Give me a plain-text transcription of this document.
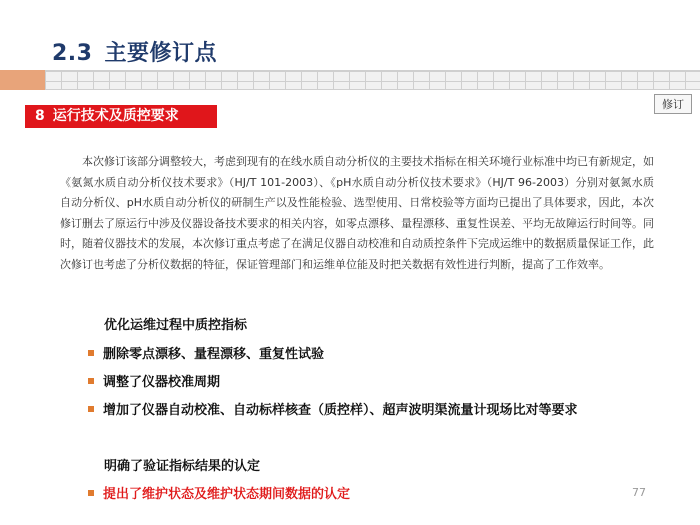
2.3 主要修订点
修订
8 运行技术及质控要求
本次修订该部分调整较大，考虑到现有的在线水质自动分析仪的主要技术指标在相关环境行业标准中均已有新规定，如《氨氮水质自动分析仪技术要求》（HJ/T 101-2003）、《pH水质自动分析仪技术要求》（HJ/T 96-2003）分别对氨氮水质自动分析仪、pH水质自动分析仪的研制生产以及性能检验、选型使用、日常校验等方面均已提出了具体要求，因此，本次修订删去了原运行中涉及仪器设备技术要求的相关内容，如零点漂移、量程漂移、重复性误差、平均无故障运行时间等。同时，随着仪器技术的发展，本次修订重点考虑了在满足仪器自动校准和自动质控条件下完成运维中的数据质量保证工作，此次修订也考虑了分析仪数据的特征，保证管理部门和运维单位能及时把关数据有效性进行判断，提高了工作效率。
优化运维过程中质控指标
删除零点漂移、量程漂移、重复性试验
调整了仪器校准周期
增加了仪器自动校准、自动标样核查（质控样）、超声波明渠流量计现场比对等要求
明确了验证指标结果的认定
提出了维护状态及维护状态期间数据的认定	77
